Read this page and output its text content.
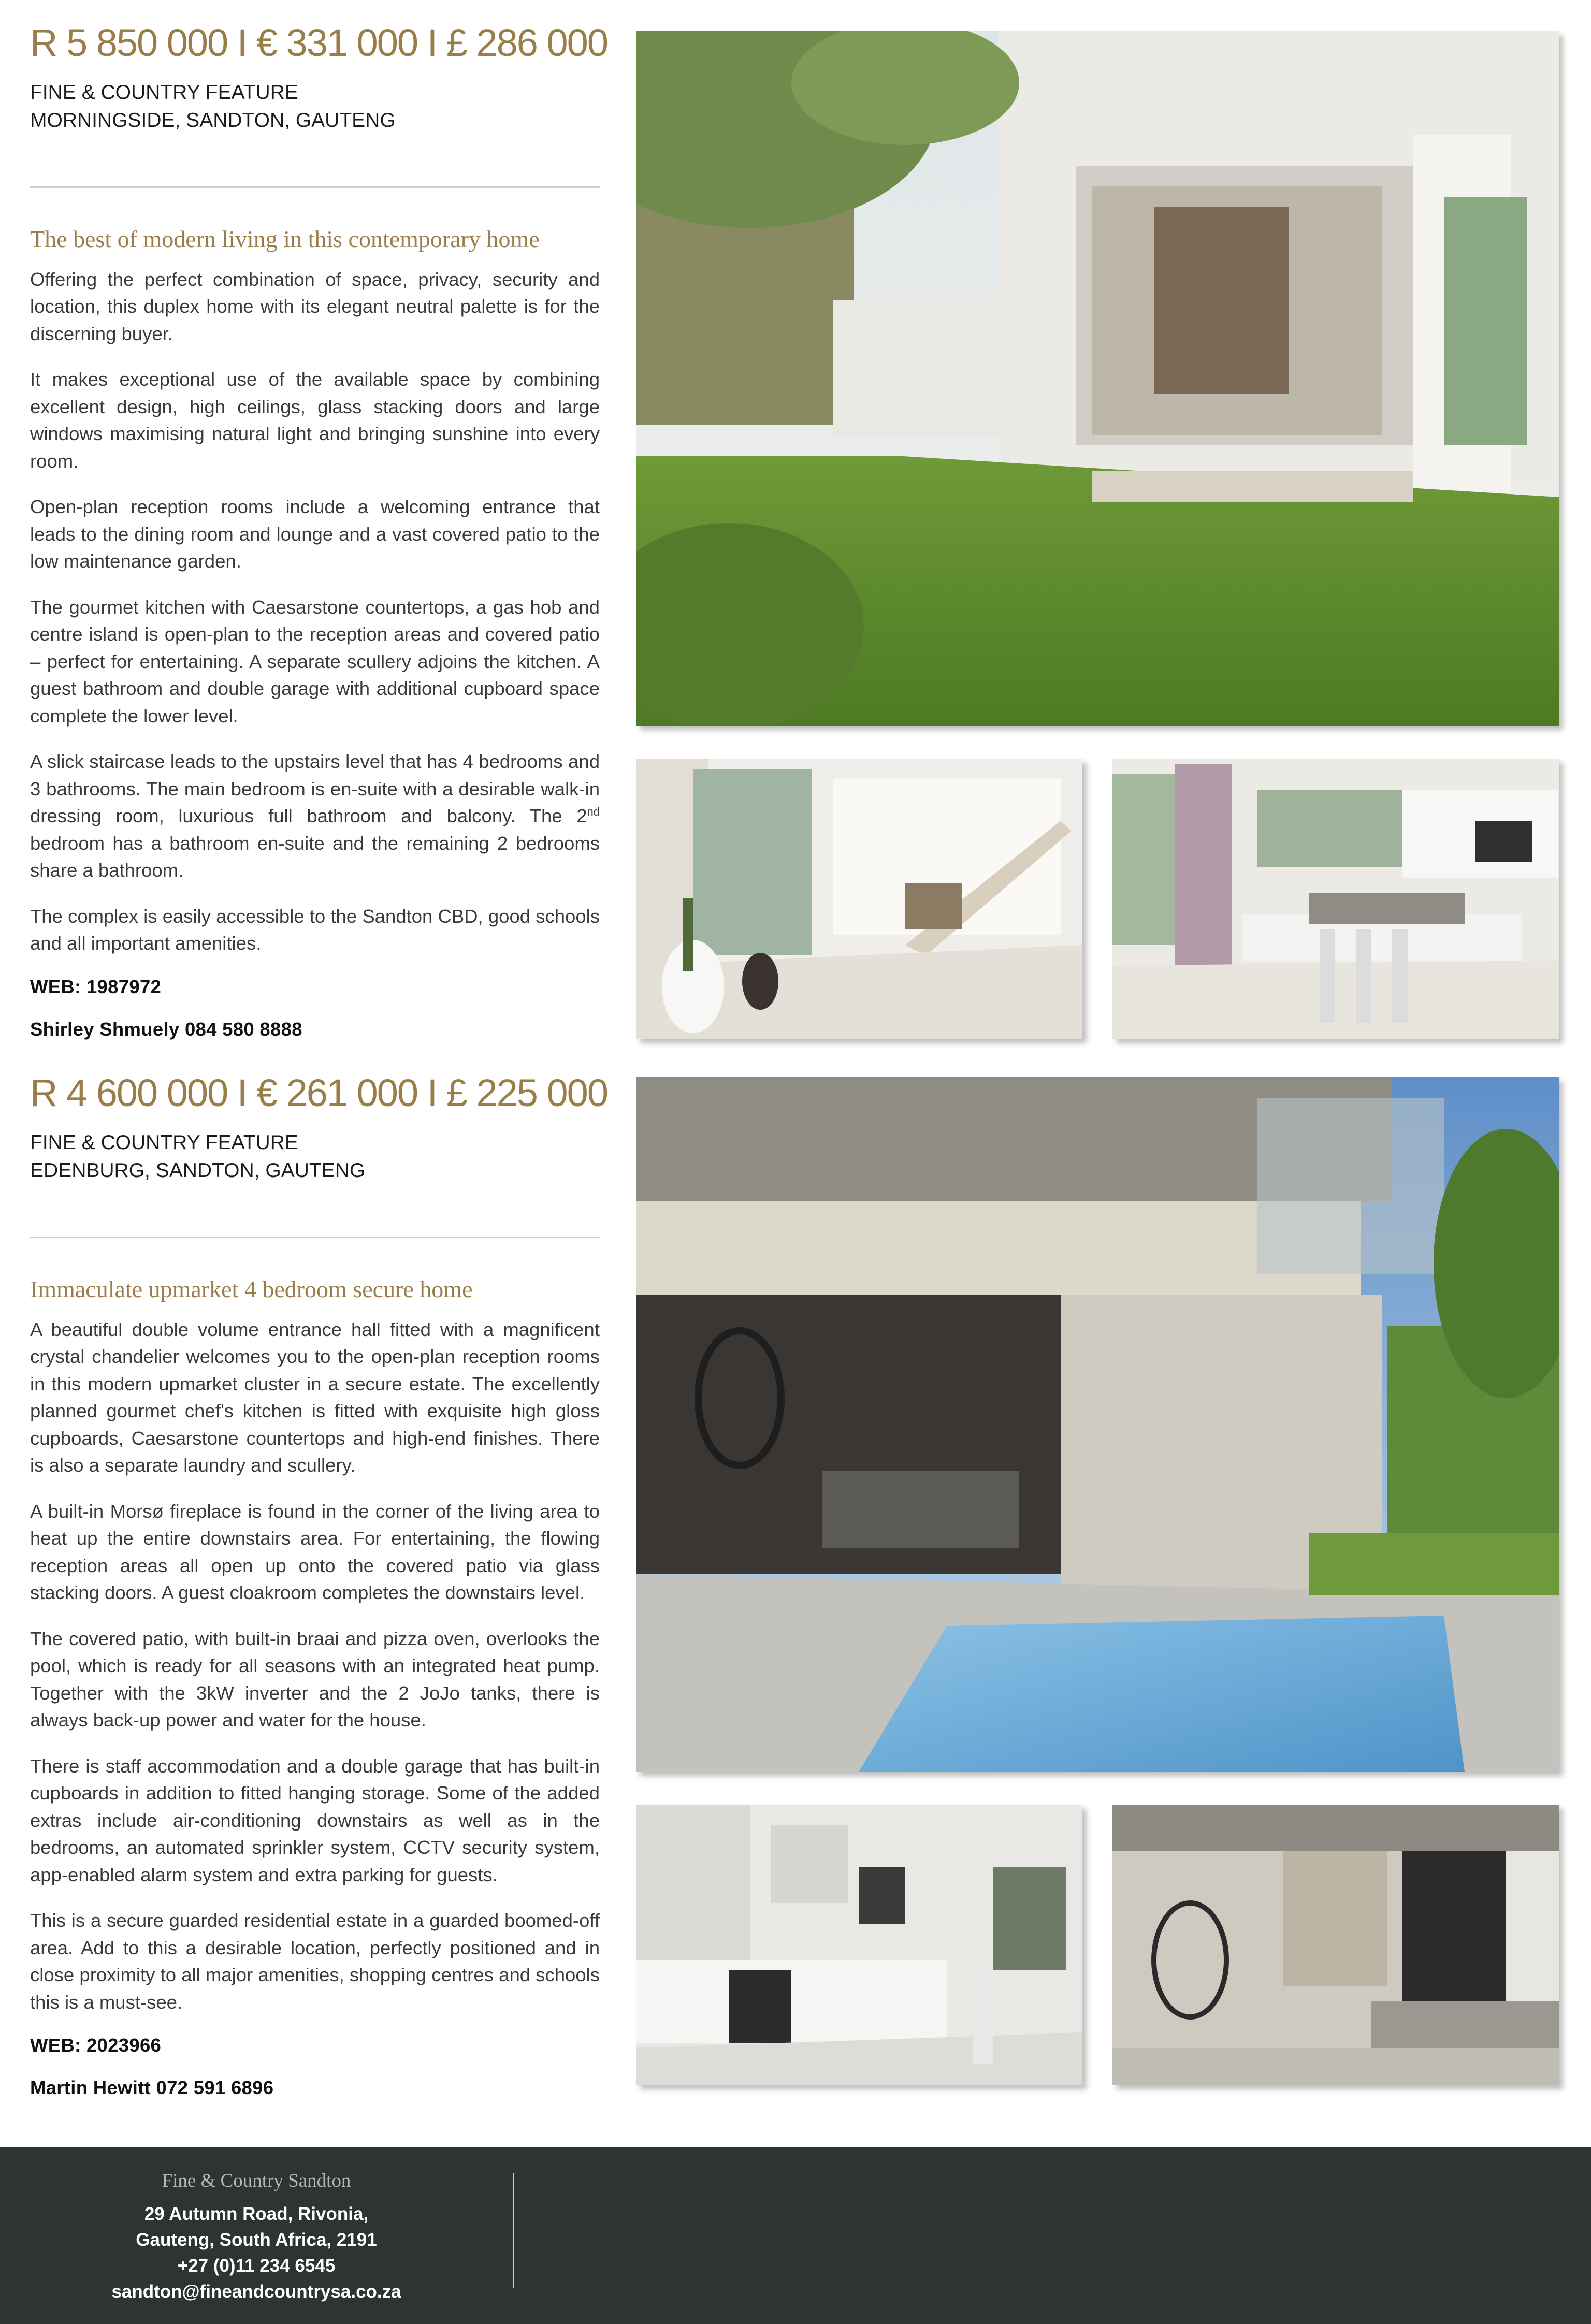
R 5 850 000 I € 331 000 I £ 286 000

FINE & COUNTRY FEATURE

MORNINGSIDE, SANDTON, GAUTENG

The best of modern living in this contemporary home

Offering the perfect combination of space, privacy, security and location, this duplex home with its elegant neutral palette is for the discerning buyer.

It makes exceptional use of the available space by combining excellent design, high ceilings, glass stacking doors and large windows maximising natural light and bringing sunshine into every room.

Open-plan reception rooms include a welcoming entrance that leads to the dining room and lounge and a vast covered patio to the low maintenance garden.

The gourmet kitchen with Caesarstone countertops, a gas hob and centre island is open-plan to the reception areas and covered patio – perfect for entertaining. A separate scullery adjoins the kitchen. A guest bathroom and double garage with additional cupboard space complete the lower level.

A slick staircase leads to the upstairs level that has 4 bedrooms and 3 bathrooms. The main bedroom is en-suite with a desirable walk-in dressing room, luxurious full bathroom and balcony. The 2nd bedroom has a bathroom en-suite and the remaining 2 bedrooms share a bathroom.

The complex is easily accessible to the Sandton CBD, good schools and all important amenities.

WEB: 1987972

Shirley Shmuely 084 580 8888

R 4 600 000 I € 261 000 I £ 225 000

FINE & COUNTRY FEATURE

EDENBURG, SANDTON, GAUTENG

Immaculate upmarket 4 bedroom secure home

A beautiful double volume entrance hall fitted with a magnificent crystal chandelier welcomes you to the open-plan reception rooms in this modern upmarket cluster in a secure estate. The excellently planned gourmet chef's kitchen is fitted with exquisite high gloss cupboards, Caesarstone countertops and high-end finishes. There is also a separate laundry and scullery.

A built-in Morsø fireplace is found in the corner of the living area to heat up the entire downstairs area. For entertaining, the flowing reception areas all open up onto the covered patio via glass stacking doors. A guest cloakroom completes the downstairs level.

The covered patio, with built-in braai and pizza oven, overlooks the pool, which is ready for all seasons with an integrated heat pump. Together with the 3kW inverter and the 2 JoJo tanks, there is always back-up power and water for the house.

There is staff accommodation and a double garage that has built-in cupboards in addition to fitted hanging storage. Some of the added extras include air-conditioning downstairs as well as in the bedrooms, an automated sprinkler system, CCTV security system, app-enabled alarm system and extra parking for guests.

This is a secure guarded residential estate in a guarded boomed-off area. Add to this a desirable location, perfectly positioned and in close proximity to all major amenities, shopping centres and schools this is a must-see.

WEB: 2023966

Martin Hewitt 072 591 6896

Fine & Country Sandton
29 Autumn Road, Rivonia,
Gauteng, South Africa, 2191
+27 (0)11 234 6545
sandton@fineandcountrysa.co.za
